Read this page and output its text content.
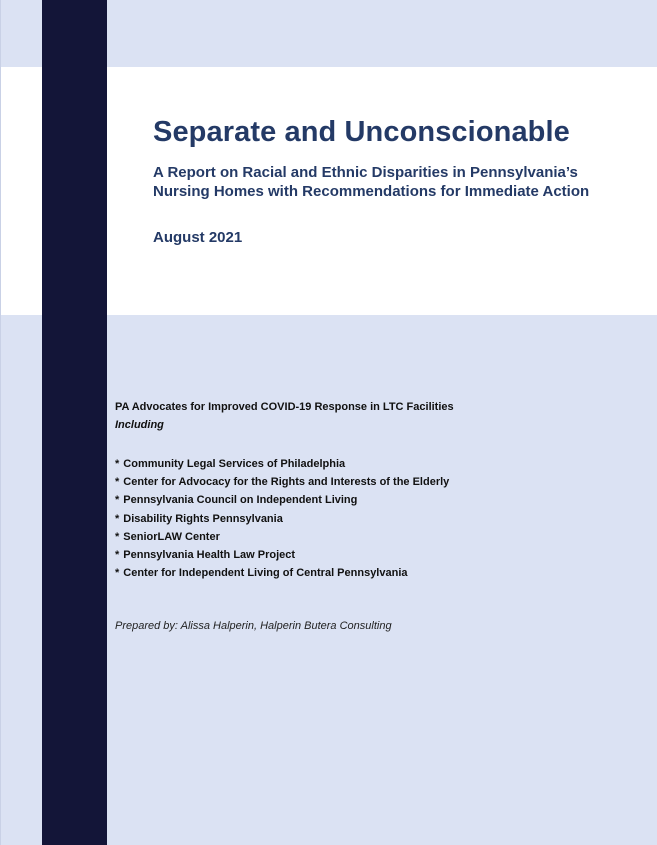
Separate and Unconscionable
A Report on Racial and Ethnic Disparities in Pennsylvania’s
Nursing Homes with Recommendations for Immediate Action
August 2021
PA Advocates for Improved COVID-19 Response in LTC Facilities
Including
* Community Legal Services of Philadelphia
* Center for Advocacy for the Rights and Interests of the Elderly
* Pennsylvania Council on Independent Living
* Disability Rights Pennsylvania
* SeniorLAW Center
* Pennsylvania Health Law Project
* Center for Independent Living of Central Pennsylvania
Prepared by: Alissa Halperin, Halperin Butera Consulting
